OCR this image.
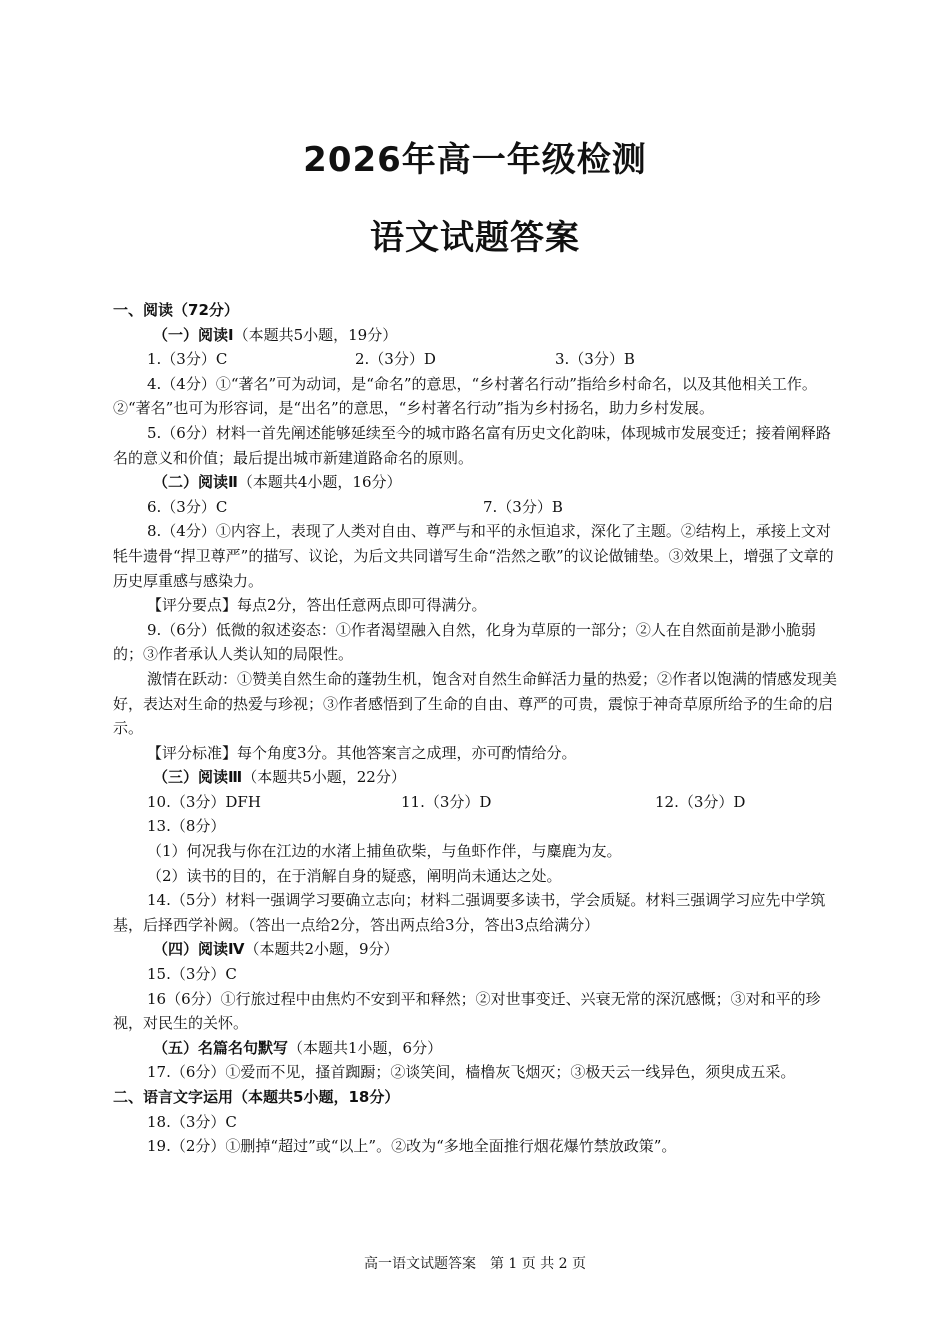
2026年高一年级检测
语文试题答案

一、阅读（72分）

（一）阅读Ⅰ（本题共5小题，19分）

1.（3分）C	2.（3分）D	3.（3分）B

4.（4分）①“著名”可为动词，是“命名”的意思，“乡村著名行动”指给乡村命名，以及其他相关工作。②“著名”也可为形容词，是“出名”的意思，“乡村著名行动”指为乡村扬名，助力乡村发展。

5.（6分）材料一首先阐述能够延续至今的城市路名富有历史文化韵味，体现城市发展变迁；接着阐释路名的意义和价值；最后提出城市新建道路命名的原则。

（二）阅读Ⅱ（本题共4小题，16分）

6.（3分）C	7.（3分）B

8.（4分）①内容上，表现了人类对自由、尊严与和平的永恒追求，深化了主题。②结构上，承接上文对牦牛遗骨“捍卫尊严”的描写、议论，为后文共同谱写生命“浩然之歌”的议论做铺垫。③效果上，增强了文章的历史厚重感与感染力。

【评分要点】每点2分，答出任意两点即可得满分。

9.（6分）低微的叙述姿态：①作者渴望融入自然，化身为草原的一部分；②人在自然面前是渺小脆弱的；③作者承认人类认知的局限性。

激情在跃动：①赞美自然生命的蓬勃生机，饱含对自然生命鲜活力量的热爱；②作者以饱满的情感发现美好，表达对生命的热爱与珍视；③作者感悟到了生命的自由、尊严的可贵，震惊于神奇草原所给予的生命的启示。

【评分标准】每个角度3分。其他答案言之成理，亦可酌情给分。

（三）阅读Ⅲ（本题共5小题，22分）

10.（3分）DFH	11.（3分）D	12.（3分）D

13.（8分）

（1）何况我与你在江边的水渚上捕鱼砍柴，与鱼虾作伴，与麋鹿为友。

（2）读书的目的，在于消解自身的疑惑，阐明尚未通达之处。

14.（5分）材料一强调学习要确立志向；材料二强调要多读书，学会质疑。材料三强调学习应先中学筑基，后择西学补阙。（答出一点给2分，答出两点给3分，答出3点给满分）

（四）阅读Ⅳ（本题共2小题，9分）

15.（3分）C

16（6分）①行旅过程中由焦灼不安到平和释然；②对世事变迁、兴衰无常的深沉感慨；③对和平的珍视，对民生的关怀。

（五）名篇名句默写（本题共1小题，6分）

17.（6分）①爱而不见，搔首踟蹰；②谈笑间，樯橹灰飞烟灭；③极天云一线异色，须臾成五采。

二、语言文字运用（本题共5小题，18分）

18.（3分）C

19.（2分）①删掉“超过”或“以上”。②改为“多地全面推行烟花爆竹禁放政策”。

高一语文试题答案　第 1 页 共 2 页
